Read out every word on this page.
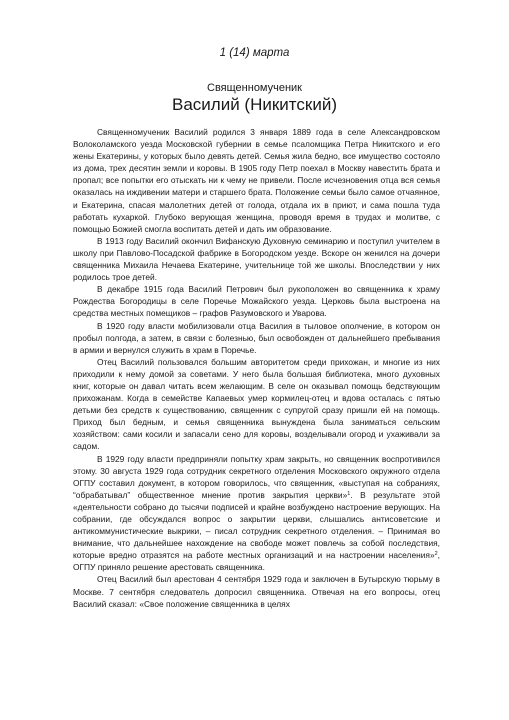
1 (14) марта
Священномученик
Василий (Никитский)

Священномученик Василий родился 3 января 1889 года в селе Александровском Волоколамского уезда Московской губернии в семье псаломщика Петра Никитского и его жены Екатерины, у которых было девять детей. Семья жила бедно, все имущество состояло из дома, трех десятин земли и коровы. В 1905 году Петр поехал в Москву навестить брата и пропал; все попытки его отыскать ни к чему не привели. После исчезновения отца вся семья оказалась на иждивении матери и старшего брата. Положение семьи было самое отчаянное, и Екатерина, спасая малолетних детей от голода, отдала их в приют, и сама пошла туда работать кухаркой. Глубоко верующая женщина, проводя время в трудах и молитве, с помощью Божией смогла воспитать детей и дать им образование.

В 1913 году Василий окончил Вифанскую Духовную семинарию и поступил учителем в школу при Павлово-Посадской фабрике в Богородском уезде. Вскоре он женился на дочери священника Михаила Нечаева Екатерине, учительнице той же школы. Впоследствии у них родилось трое детей.

В декабре 1915 года Василий Петрович был рукоположен во священника к храму Рождества Богородицы в селе Поречье Можайского уезда. Церковь была выстроена на средства местных помещиков – графов Разумовского и Уварова.

В 1920 году власти мобилизовали отца Василия в тыловое ополчение, в котором он пробыл полгода, а затем, в связи с болезнью, был освобожден от дальнейшего пребывания в армии и вернулся служить в храм в Поречье.

Отец Василий пользовался большим авторитетом среди прихожан, и многие из них приходили к нему домой за советами. У него была большая библиотека, много духовных книг, которые он давал читать всем желающим. В селе он оказывал помощь бедствующим прихожанам. Когда в семействе Капаевых умер кормилец-отец и вдова осталась с пятью детьми без средств к существованию, священник с супругой сразу пришли ей на помощь. Приход был бедным, и семья священника вынуждена была заниматься сельским хозяйством: сами косили и запасали сено для коровы, возделывали огород и ухаживали за садом.

В 1929 году власти предприняли попытку храм закрыть, но священник воспротивился этому. 30 августа 1929 года сотрудник секретного отделения Московского окружного отдела ОГПУ составил документ, в котором говорилось, что священник, «выступая на собраниях, “обрабатывал” общественное мнение против закрытия церкви»$^1$. В результате этой «деятельности собрано до тысячи подписей и крайне возбуждено настроение верующих. На собрании, где обсуждался вопрос о закрытии церкви, слышались антисоветские и антикоммунистические выкрики, – писал сотрудник секретного отделения. – Принимая во внимание, что дальнейшее нахождение на свободе может повлечь за собой последствия, которые вредно отразятся на работе местных организаций и на настроении населения»$^2$, ОГПУ приняло решение арестовать священника.

Отец Василий был арестован 4 сентября 1929 года и заключен в Бутырскую тюрьму в Москве. 7 сентября следователь допросил священника. Отвечая на его вопросы, отец Василий сказал: «Свое положение священника в целях
